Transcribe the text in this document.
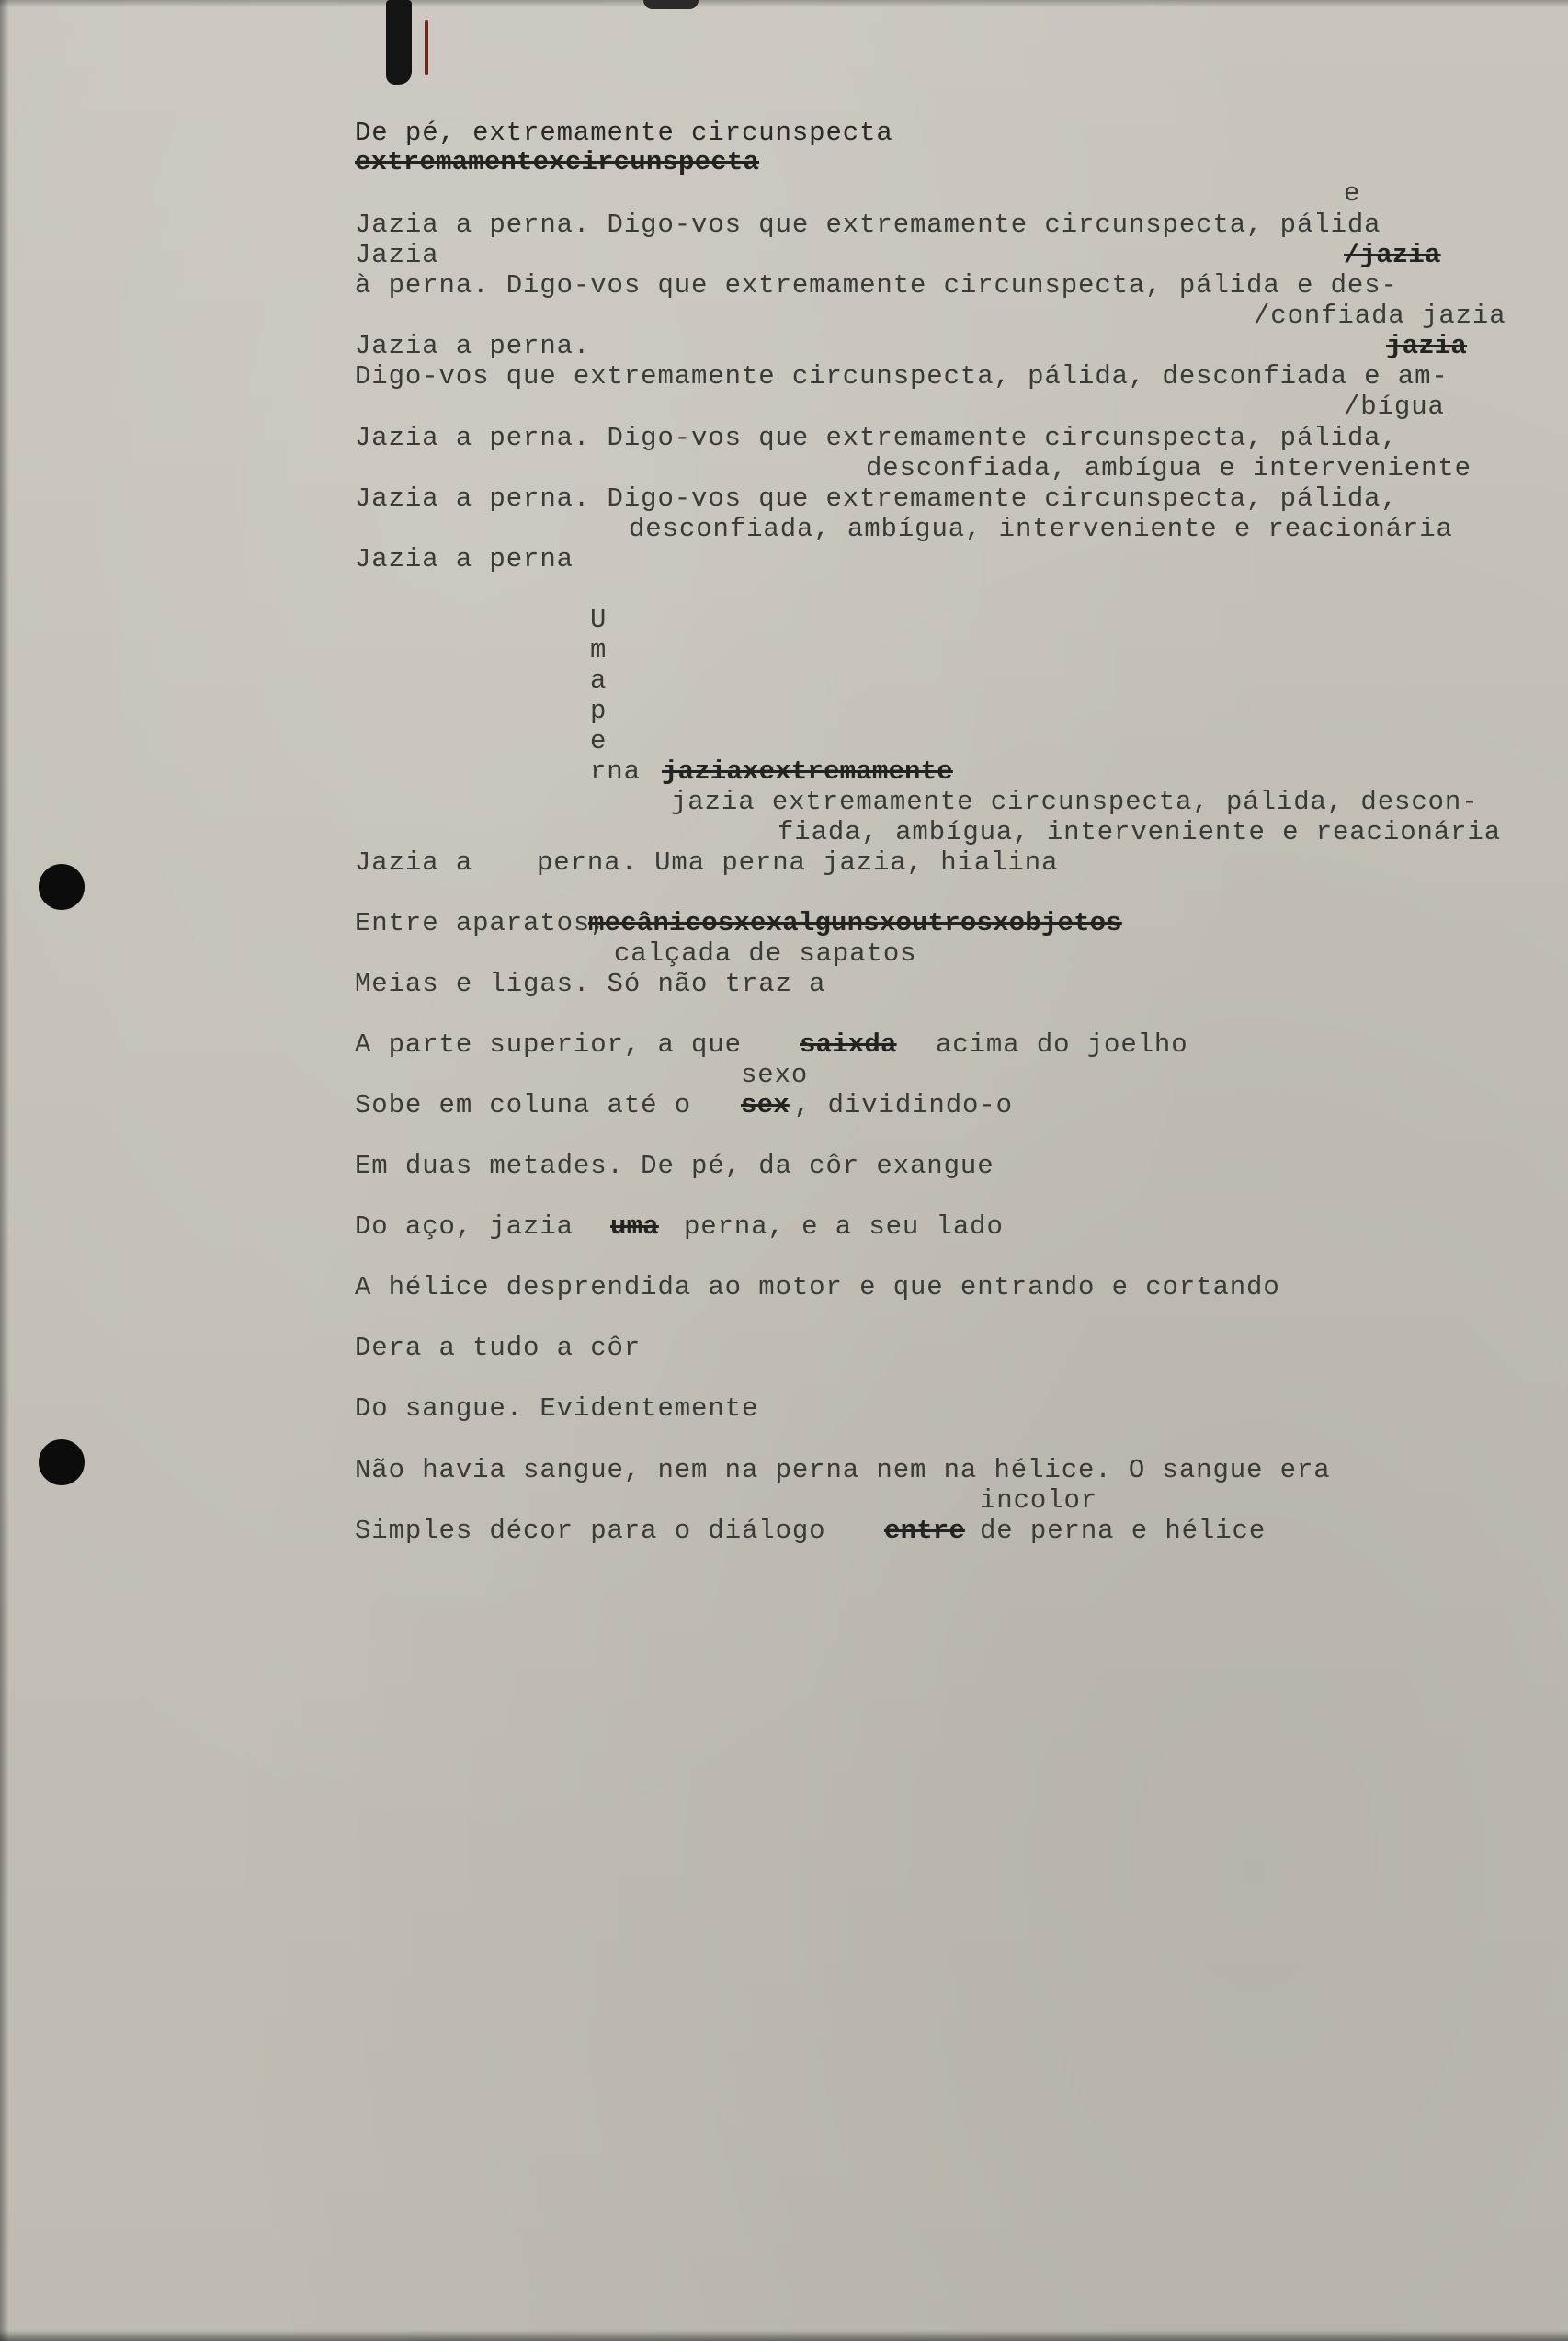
De pé, extremamente circunspecta

extremamentexcircunspecta

e

Jazia a perna. Digo-vos que extremamente circunspecta, pálida

Jazia	/jazia

à perna. Digo-vos que extremamente circunspecta, pálida e des-

/confiada jazia

Jazia a perna.	jazia

Digo-vos que extremamente circunspecta, pálida, desconfiada e am-

/bígua

Jazia a perna. Digo-vos que extremamente circunspecta, pálida,

desconfiada, ambígua e interveniente

Jazia a perna. Digo-vos que extremamente circunspecta, pálida,

desconfiada, ambígua, interveniente e reacionária

Jazia a perna

U

m

a

p

e

rna jaziaxextremamente

jazia extremamente circunspecta, pálida, descon-

fiada, ambígua, interveniente e reacionária

Jazia a perna. Uma perna jazia, hialina

Entre aparatos,

mecânicosxexalgunsxoutrosxobjetos

calçada de sapatos

Meias e ligas. Só não traz a

A parte superior, a que saixda acima do joelho

sexo

Sobe em coluna até o sex , dividindo-o

Em duas metades. De pé, da côr exangue

Do aço, jazia uma perna, e a seu lado

A hélice desprendida ao motor e que entrando e cortando

Dera a tudo a côr

Do sangue. Evidentemente

Não havia sangue, nem na perna nem na hélice. O sangue era

incolor

Simples décor para o diálogo entre de perna e hélice
